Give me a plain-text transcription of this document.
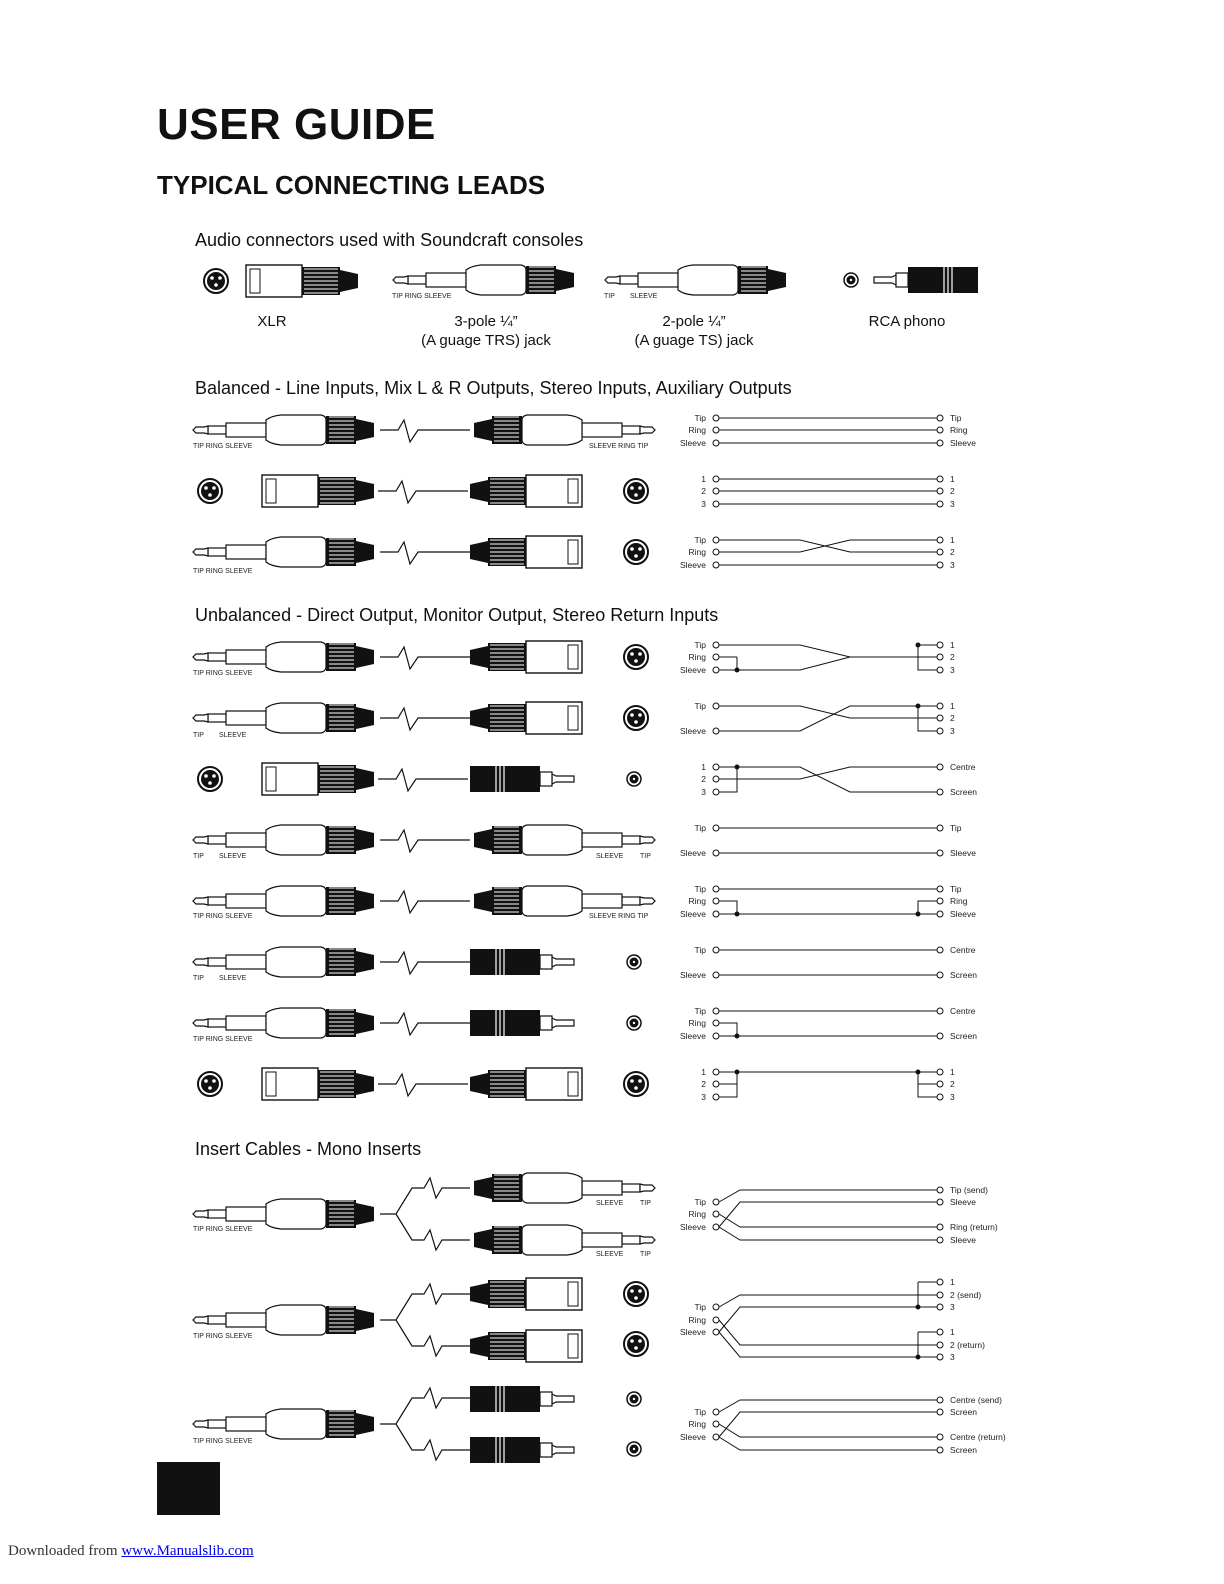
USER GUIDE
TYPICAL CONNECTING LEADS

Audio connectors used with Soundcraft consoles

Balanced - Line Inputs, Mix L & R Outputs, Stereo Inputs, Auxiliary Outputs

Unbalanced - Direct Output, Monitor Output, Stereo Return Inputs

Insert Cables - Mono Inserts

XLR	3-pole ¼”
(A guage TRS) jack
2-pole ¼”
(A guage TS) jack
RCA phono
TIP RING SLEEVE	TIP SLEEVE
TIP RING SLEEVE	SLEEVE RING TIP
TIP RING SLEEVE
TIP RING SLEEVE
TIP SLEEVE
TIP SLEEVE	SLEEVE TIP
TIP RING SLEEVE	SLEEVE RING TIP
TIP SLEEVE
TIP RING SLEEVE
TIP RING SLEEVE
SLEEVE TIP
SLEEVE TIP
TIP RING SLEEVE
TIP RING SLEEVE
Tip
Ring
Sleeve
Tip
Ring
Sleeve
1
2
3
1
2
3
Tip
Ring
Sleeve
1
2
3
Tip
Ring
Sleeve
1
2
3
Tip
Sleeve
1
2
3
1
2
3
Centre
Screen
Tip
Sleeve
Tip
Sleeve
Tip
Ring
Sleeve
Tip
Ring
Sleeve
Tip
Sleeve
Centre
Screen
Tip
Ring
Sleeve
Centre
Screen
1
2
3
1
2
3
Tip
Ring
Sleeve
Tip (send)
Sleeve
Ring (return)
Sleeve
Tip
Ring
Sleeve
1
2 (send)
3
1
2 (return)
3
Tip
Ring
Sleeve
Centre (send)
Screen
Centre (return)
Screen
Downloaded from www.Manualslib.com
